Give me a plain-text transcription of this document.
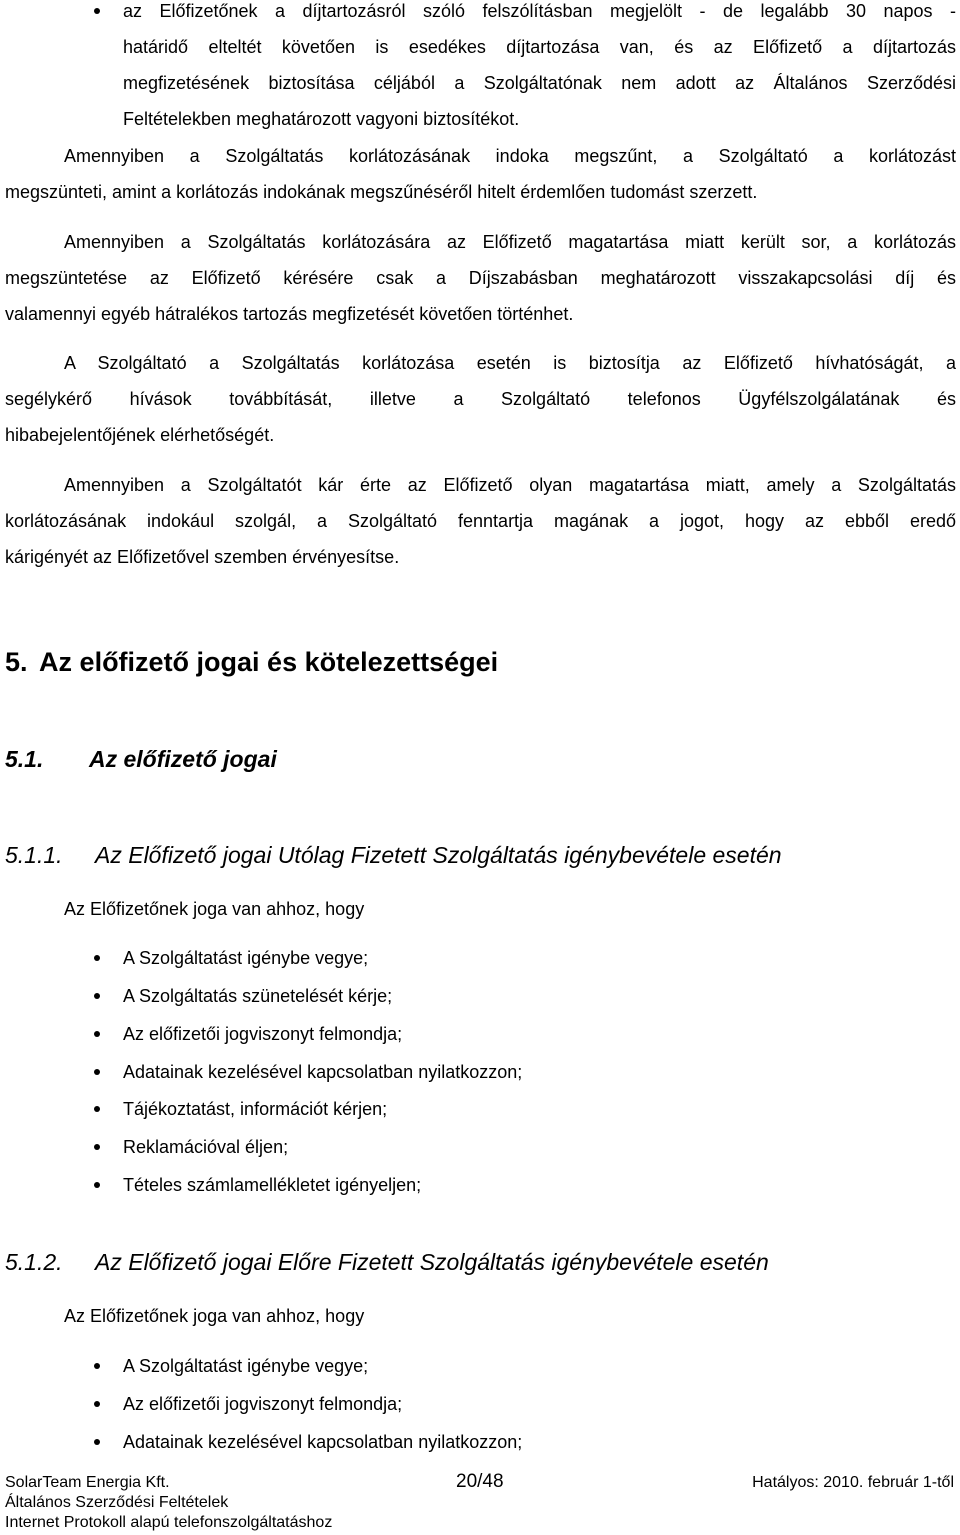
az Előfizetőnek a díjtartozásról szóló felszólításban megjelölt - de legalább 30 napos -
határidő elteltét követően is esedékes díjtartozása van, és az Előfizető a díjtartozás
megfizetésének biztosítása céljából a Szolgáltatónak nem adott az Általános Szerződési
Feltételekben meghatározott vagyoni biztosítékot.
Amennyiben a Szolgáltatás korlátozásának indoka megszűnt, a Szolgáltató a korlátozást
megszünteti, amint a korlátozás indokának megszűnéséről hitelt érdemlően tudomást szerzett.
Amennyiben a Szolgáltatás korlátozására az Előfizető magatartása miatt került sor, a korlátozás
megszüntetése az Előfizető kérésére csak a Díjszabásban meghatározott visszakapcsolási díj és
valamennyi egyéb hátralékos tartozás megfizetését követően történhet.
A Szolgáltató a Szolgáltatás korlátozása esetén is biztosítja az Előfizető hívhatóságát, a
segélykérő hívások továbbítását, illetve a Szolgáltató telefonos Ügyfélszolgálatának és
hibabejelentőjének elérhetőségét.
Amennyiben a Szolgáltatót kár érte az Előfizető olyan magatartása miatt, amely a Szolgáltatás
korlátozásának indokául szolgál, a Szolgáltató fenntartja magának a jogot, hogy az ebből eredő
kárigényét az Előfizetővel szemben érvényesítse.
5. Az előfizető jogai és kötelezettségei
5.1. Az előfizető jogai
5.1.1. Az Előfizető jogai Utólag Fizetett Szolgáltatás igénybevétele esetén
Az Előfizetőnek joga van ahhoz, hogy
A Szolgáltatást igénybe vegye;
A Szolgáltatás szünetelését kérje;
Az előfizetői jogviszonyt felmondja;
Adatainak kezelésével kapcsolatban nyilatkozzon;
Tájékoztatást, információt kérjen;
Reklamációval éljen;
Tételes számlamellékletet igényeljen;
5.1.2. Az Előfizető jogai Előre Fizetett Szolgáltatás igénybevétele esetén
Az Előfizetőnek joga van ahhoz, hogy
A Szolgáltatást igénybe vegye;
Az előfizetői jogviszonyt felmondja;
Adatainak kezelésével kapcsolatban nyilatkozzon;
SolarTeam Energia Kft.	20/48	Hatályos: 2010. február 1-től
Általános Szerződési Feltételek
Internet Protokoll alapú telefonszolgáltatáshoz
